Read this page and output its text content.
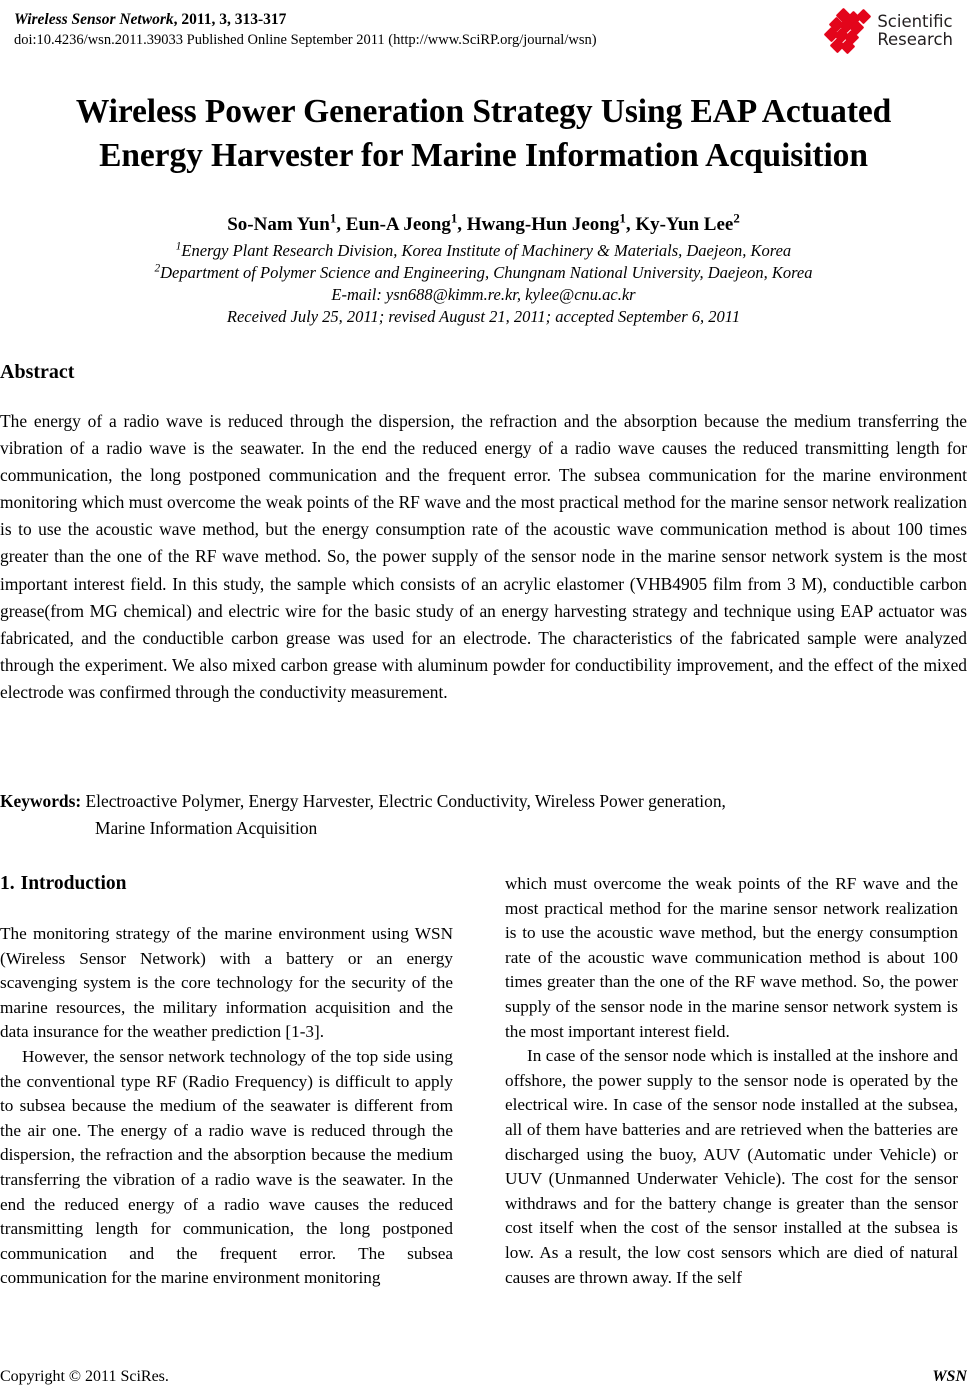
Wireless Sensor Network, 2011, 3, 313-317
doi:10.4236/wsn.2011.39033 Published Online September 2011 (http://www.SciRP.org/journal/wsn)
Scientific
Research
Wireless Power Generation Strategy Using EAP Actuated
Energy Harvester for Marine Information Acquisition

So-Nam Yun$^1$, Eun-A Jeong$^1$, Hwang-Hun Jeong$^1$, Ky-Yun Lee$^2$

$^1$Energy Plant Research Division, Korea Institute of Machinery & Materials, Daejeon, Korea

$^2$Department of Polymer Science and Engineering, Chungnam National University, Daejeon, Korea

E-mail: ysn688@kimm.re.kr, kylee@cnu.ac.kr

Received July 25, 2011; revised August 21, 2011; accepted September 6, 2011

Abstract
The energy of a radio wave is reduced through the dispersion, the refraction and the absorption because the medium transferring the vibration of a radio wave is the seawater. In the end the reduced energy of a radio wave causes the reduced transmitting length for communication, the long postponed communication and the frequent error. The subsea communication for the marine environment monitoring which must overcome the weak points of the RF wave and the most practical method for the marine sensor network realization is to use the acoustic wave method, but the energy consumption rate of the acoustic wave communication method is about 100 times greater than the one of the RF wave method. So, the power supply of the sensor node in the marine sensor network system is the most important interest field. In this study, the sample which consists of an acrylic elastomer (VHB4905 film from 3 M), conductible carbon grease(from MG chemical) and electric wire for the basic study of an energy harvesting strategy and technique using EAP actuator was fabricated, and the conductible carbon grease was used for an electrode. The characteristics of the fabricated sample were analyzed through the experiment. We also mixed carbon grease with aluminum powder for conductibility improvement, and the effect of the mixed electrode was confirmed through the conductivity measurement.
Keywords: Electroactive Polymer, Energy Harvester, Electric Conductivity, Wireless Power generation,
Marine Information Acquisition
1. Introduction

The monitoring strategy of the marine environment using WSN (Wireless Sensor Network) with a battery or an energy scavenging system is the core technology for the security of the marine resources, the military information acquisition and the data insurance for the weather prediction [1-3].

However, the sensor network technology of the top side using the conventional type RF (Radio Frequency) is difficult to apply to subsea because the medium of the seawater is different from the air one. The energy of a radio wave is reduced through the dispersion, the refraction and the absorption because the medium transferring the vibration of a radio wave is the seawater. In the end the reduced energy of a radio wave causes the reduced transmitting length for communication, the long postponed communication and the frequent error. The subsea communication for the marine environment monitoring

which must overcome the weak points of the RF wave and the most practical method for the marine sensor network realization is to use the acoustic wave method, but the energy consumption rate of the acoustic wave communication method is about 100 times greater than the one of the RF wave method. So, the power supply of the sensor node in the marine sensor network system is the most important interest field.

In case of the sensor node which is installed at the inshore and offshore, the power supply to the sensor node is operated by the electrical wire. In case of the sensor node installed at the subsea, all of them have batteries and are retrieved when the batteries are discharged using the buoy, AUV (Automatic under Vehicle) or UUV (Unmanned Underwater Vehicle). The cost for the sensor withdraws and for the battery change is greater than the sensor cost itself when the cost of the sensor installed at the subsea is low. As a result, the low cost sensors which are died of natural causes are thrown away. If the self

Copyright © 2011 SciRes.	WSN
